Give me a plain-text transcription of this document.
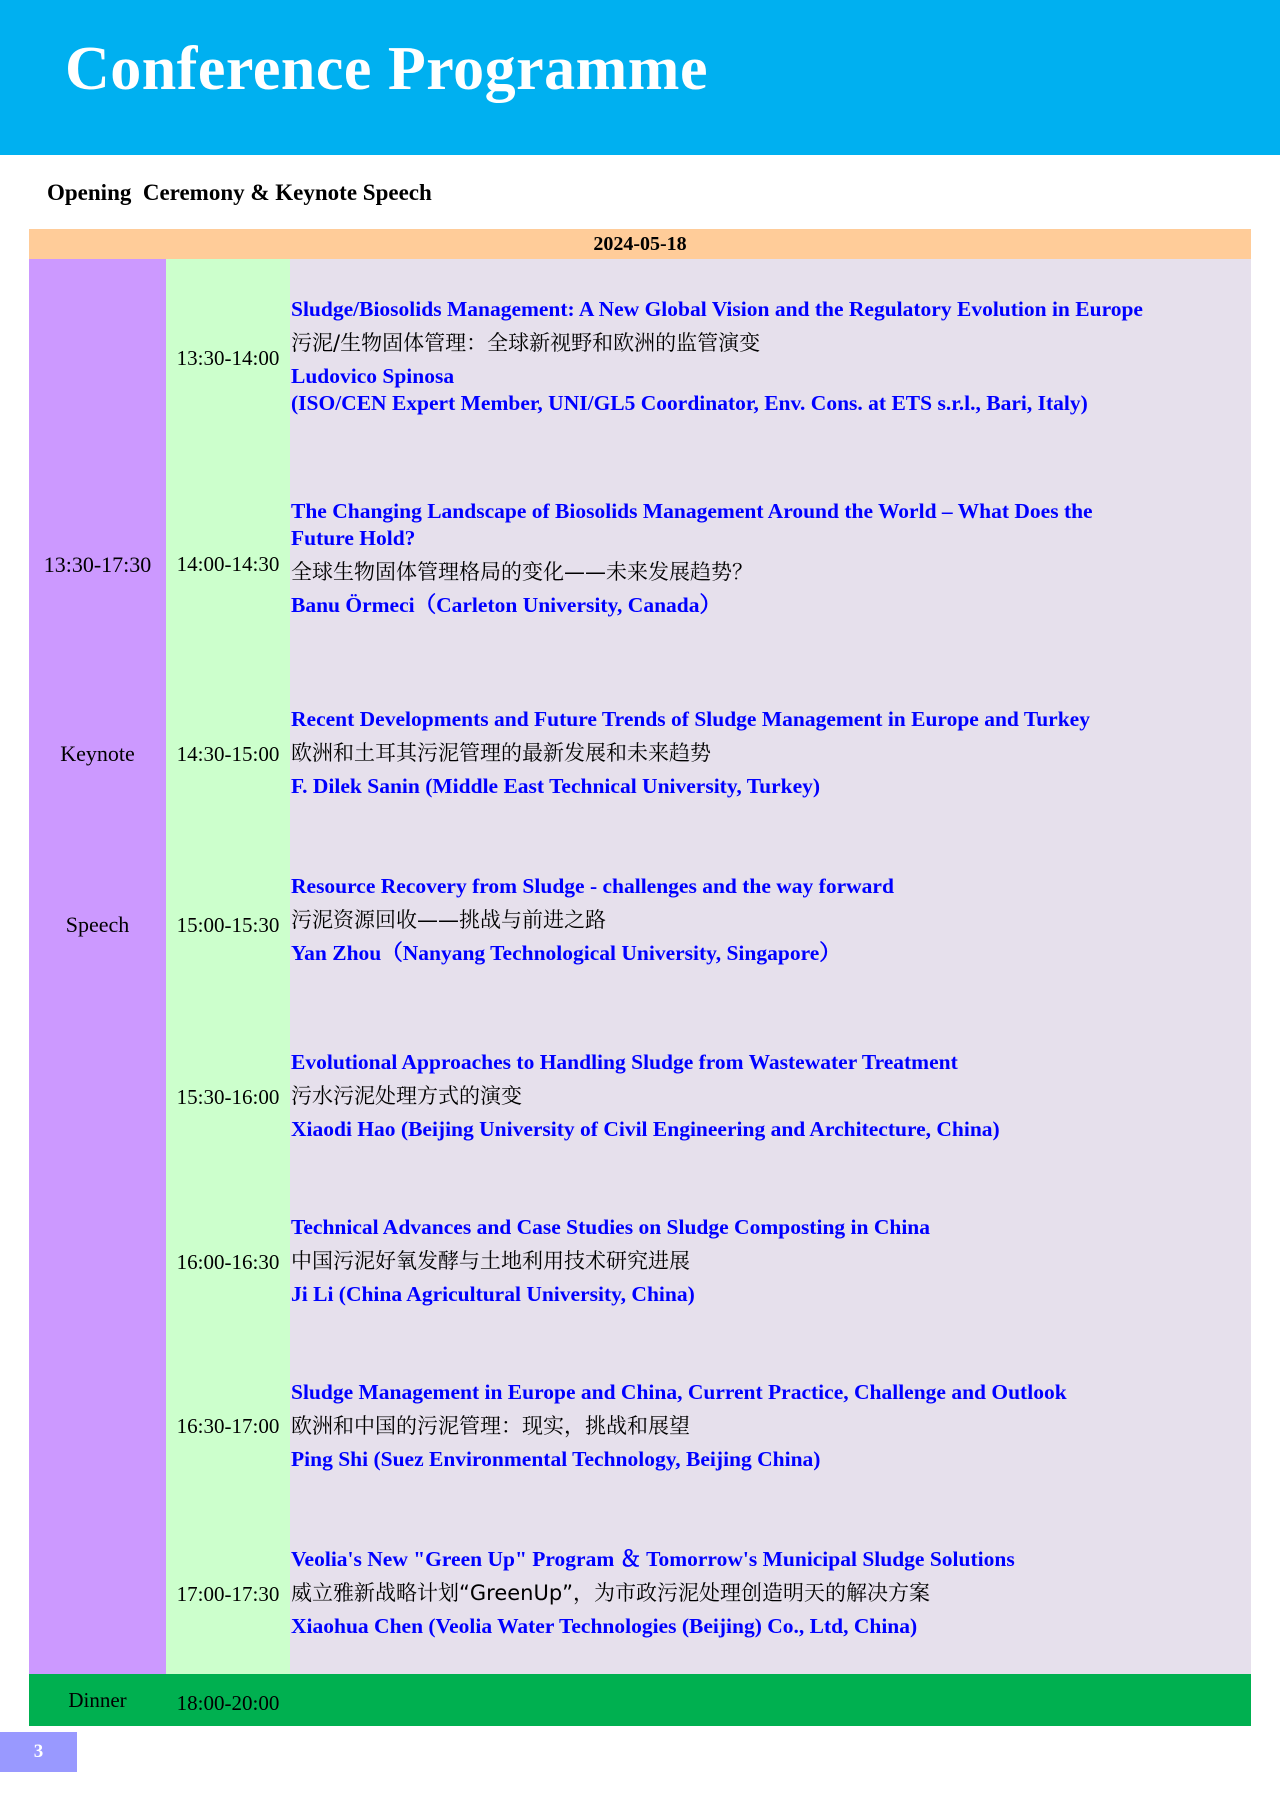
Conference Programme
Opening  Ceremony & Keynote Speech
2024-05-18
13:30-17:30
Keynote
Speech
13:30-14:00
Sludge/Biosolids Management: A New Global Vision and the Regulatory Evolution in Europe
污泥/生物固体管理：全球新视野和欧洲的监管演变
Ludovico Spinosa
(ISO/CEN Expert Member, UNI/GL5 Coordinator, Env. Cons. at ETS s.r.l., Bari, Italy)
14:00-14:30
The Changing Landscape of Biosolids Management Around the World – What Does the
Future Hold?
全球生物固体管理格局的变化——未来发展趋势？
Banu Örmeci（Carleton University, Canada）
14:30-15:00
Recent Developments and Future Trends of Sludge Management in Europe and Turkey
欧洲和土耳其污泥管理的最新发展和未来趋势
F. Dilek Sanin (Middle East Technical University, Turkey)
15:00-15:30
Resource Recovery from Sludge - challenges and the way forward
污泥资源回收——挑战与前进之路
Yan Zhou（Nanyang Technological University, Singapore）
15:30-16:00
Evolutional Approaches to Handling Sludge from Wastewater Treatment
污水污泥处理方式的演变
Xiaodi Hao (Beijing University of Civil Engineering and Architecture, China)
16:00-16:30
Technical Advances and Case Studies on Sludge Composting in China
中国污泥好氧发酵与土地利用技术研究进展
Ji Li (China Agricultural University, China)
16:30-17:00
Sludge Management in Europe and China, Current Practice, Challenge and Outlook
欧洲和中国的污泥管理：现实，挑战和展望
Ping Shi (Suez Environmental Technology, Beijing China)
17:00-17:30
Veolia's New "Green Up" Program ＆ Tomorrow's Municipal Sludge Solutions
威立雅新战略计划“GreenUp”，为市政污泥处理创造明天的解决方案
Xiaohua Chen (Veolia Water Technologies (Beijing) Co., Ltd, China)
Dinner	18:00-20:00
3
